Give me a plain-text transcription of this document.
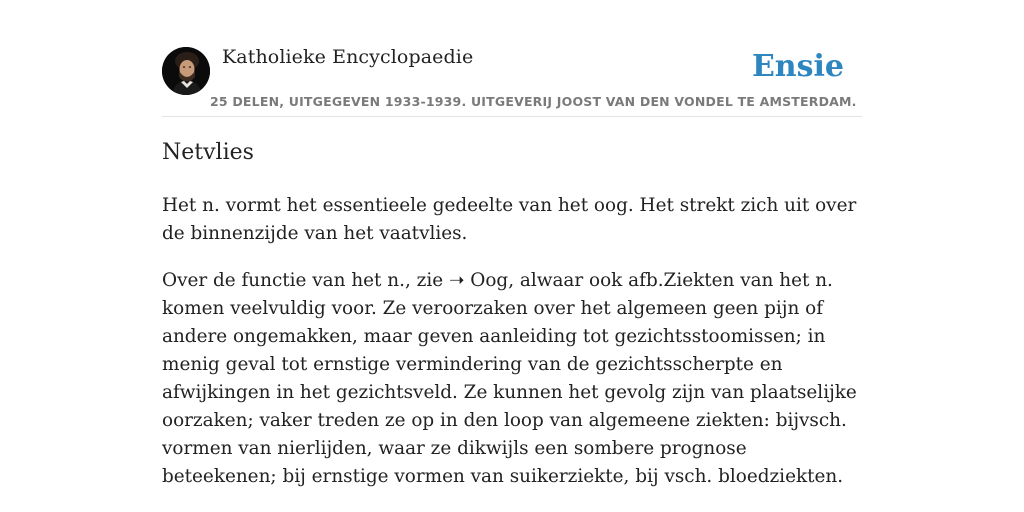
Katholieke Encyclopaedie	Ensie
25 DELEN, UITGEGEVEN 1933-1939. UITGEVERIJ JOOST VAN DEN VONDEL TE AMSTERDAM.
Netvlies

Het n. vormt het essentieele gedeelte van het oog. Het strekt zich uit over de binnenzijde van het vaatvlies.

Over de functie van het n., zie ➝ Oog, alwaar ook afb.Ziekten van het n. komen veelvuldig voor. Ze veroorzaken over het algemeen geen pijn of andere ongemakken, maar geven aanleiding tot gezichtsstoomissen; in menig geval tot ernstige vermindering van de gezichtsscherpte en afwijkingen in het gezichtsveld. Ze kunnen het gevolg zijn van plaatselijke oorzaken; vaker treden ze op in den loop van algemeene ziekten: bijvsch. vormen van nierlijden, waar ze dikwijls een sombere prognose beteekenen; bij ernstige vormen van suikerziekte, bij vsch. bloedziekten.
